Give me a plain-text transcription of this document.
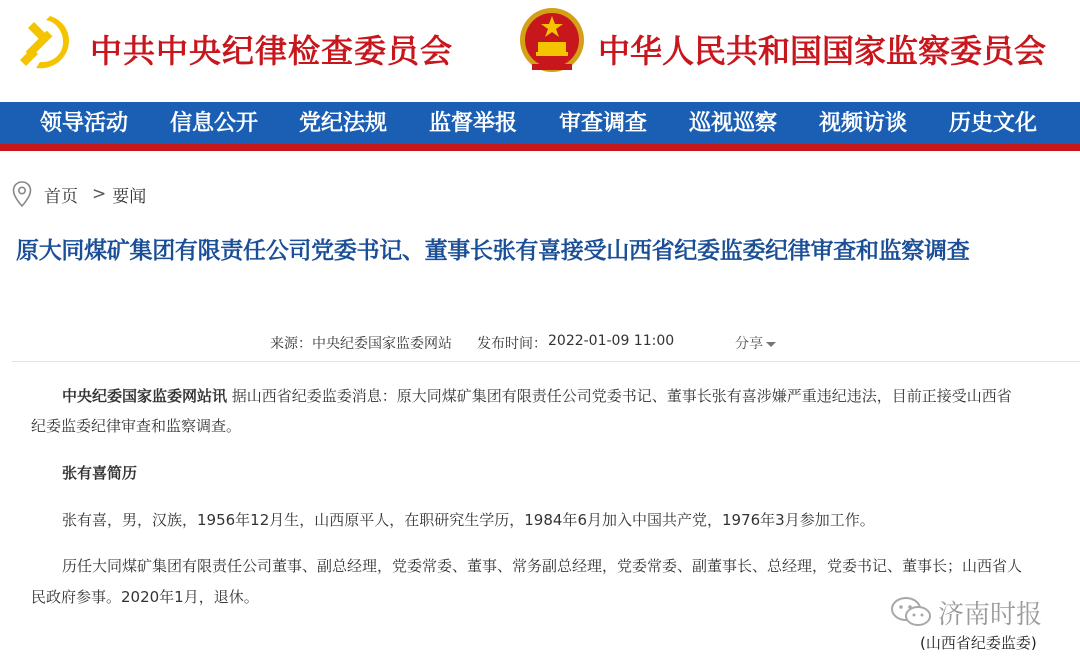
中共中央纪律检查委员会	中华人民共和国国家监察委员会
领导活动 信息公开 党纪法规 监督举报 审查调查 巡视巡察 视频访谈 历史文化
首页 > 要闻
原大同煤矿集团有限责任公司党委书记、董事长张有喜接受山西省纪委监委纪律审查和监察调查
来源： 中央纪委国家监委网站 发布时间： 2022-01-09 11:00	分享
中央纪委国家监委网站讯 据山西省纪委监委消息：原大同煤矿集团有限责任公司党委书记、董事长张有喜涉嫌严重违纪违法，目前正接受山西省
纪委监委纪律审查和监察调查。
张有喜简历
张有喜，男，汉族，1956年12月生，山西原平人，在职研究生学历，1984年6月加入中国共产党，1976年3月参加工作。
历任大同煤矿集团有限责任公司董事、副总经理，党委常委、董事、常务副总经理，党委常委、副董事长、总经理，党委书记、董事长；山西省人
民政府参事。2020年1月，退休。
济南时报
(山西省纪委监委)
